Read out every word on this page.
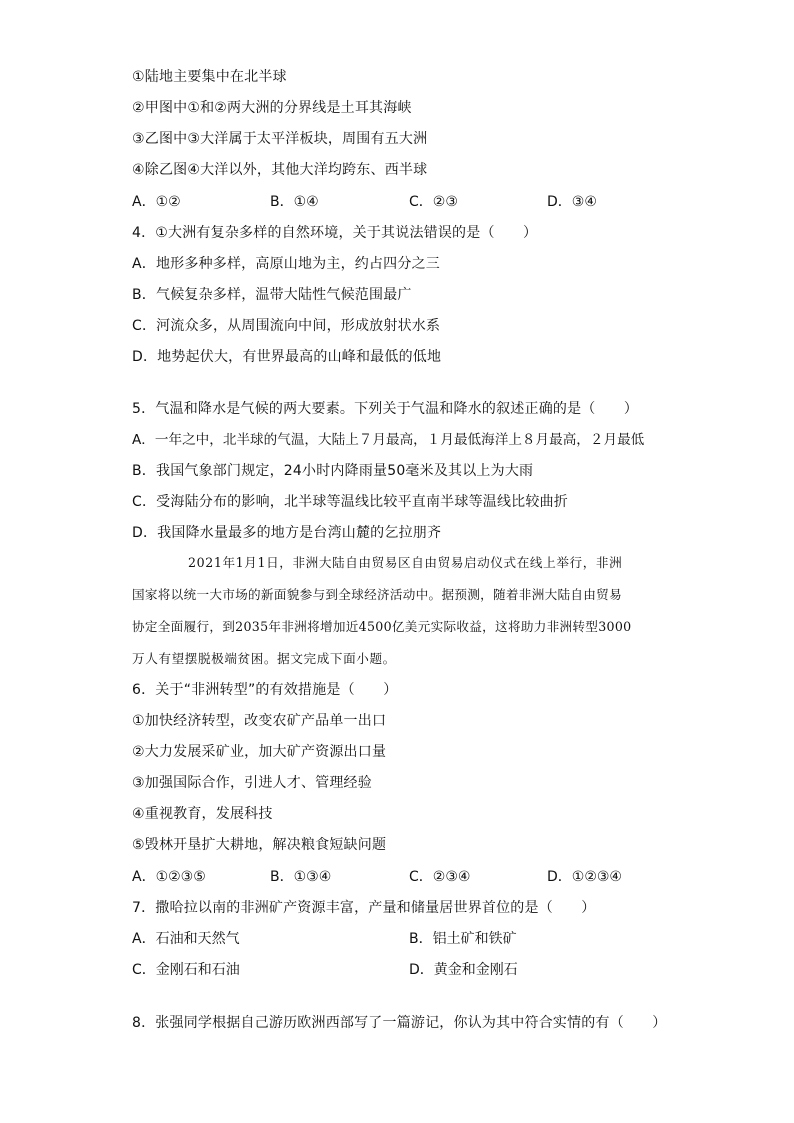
①陆地主要集中在北半球
②甲图中①和②两大洲的分界线是土耳其海峡
③乙图中③大洋属于太平洋板块，周围有五大洲
④除乙图④大洋以外，其他大洋均跨东、西半球
A．①②	B．①④	C．②③	D．③④
4．①大洲有复杂多样的自然环境，关于其说法错误的是（　　）
A．地形多种多样，高原山地为主，约占四分之三
B．气候复杂多样，温带大陆性气候范围最广
C．河流众多，从周围流向中间，形成放射状水系
D．地势起伏大，有世界最高的山峰和最低的低地
5．气温和降水是气候的两大要素。下列关于气温和降水的叙述正确的是（　　）
A．一年之中，北半球的气温，大陆上７月最高，１月最低海洋上８月最高，２月最低
B．我国气象部门规定，24小时内降雨量50毫米及其以上为大雨
C．受海陆分布的影响，北半球等温线比较平直南半球等温线比较曲折
D．我国降水量最多的地方是台湾山麓的乞拉朋齐
2021年1月1日，非洲大陆自由贸易区自由贸易启动仪式在线上举行，非洲
国家将以统一大市场的新面貌参与到全球经济活动中。据预测，随着非洲大陆自由贸易
协定全面履行，到2035年非洲将增加近4500亿美元实际收益，这将助力非洲转型3000
万人有望摆脱极端贫困。据文完成下面小题。
6．关于“非洲转型”的有效措施是（　　）
①加快经济转型，改变农矿产品单一出口
②大力发展采矿业，加大矿产资源出口量
③加强国际合作，引进人才、管理经验
④重视教育，发展科技
⑤毁林开垦扩大耕地，解决粮食短缺问题
A．①②③⑤	B．①③④	C．②③④	D．①②③④
7．撒哈拉以南的非洲矿产资源丰富，产量和储量居世界首位的是（　　）
A．石油和天然气	B．铝土矿和铁矿
C．金刚石和石油	D．黄金和金刚石
8．张强同学根据自己游历欧洲西部写了一篇游记，你认为其中符合实情的有（　　）
